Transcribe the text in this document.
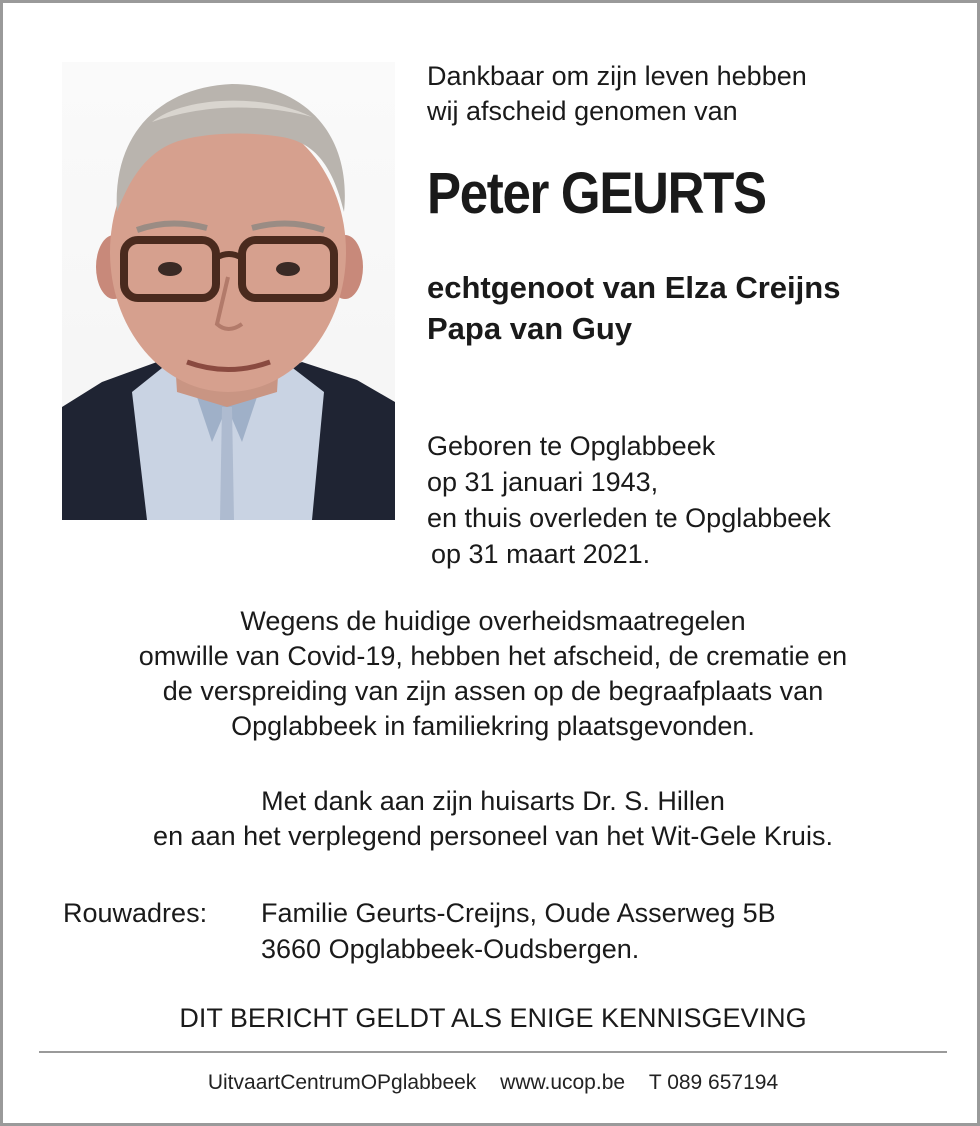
Dankbaar om zijn leven hebben
wij afscheid genomen van
Peter GEURTS
echtgenoot van Elza Creijns
Papa van Guy
Geboren te Opglabbeek
op 31 januari 1943,
en thuis overleden te Opglabbeek
op 31 maart 2021.
Wegens de huidige overheidsmaatregelen
omwille van Covid-19, hebben het afscheid, de crematie en
de verspreiding van zijn assen op de begraafplaats van
Opglabbeek in familiekring plaatsgevonden.
Met dank aan zijn huisarts Dr. S. Hillen
en aan het verplegend personeel van het Wit-Gele Kruis.
Rouwadres: Familie Geurts-Creijns, Oude Asserweg 5B
3660 Opglabbeek-Oudsbergen.
DIT BERICHT GELDT ALS ENIGE KENNISGEVING
UitvaartCentrumOPglabbeek www.ucop.be T 089 657194
